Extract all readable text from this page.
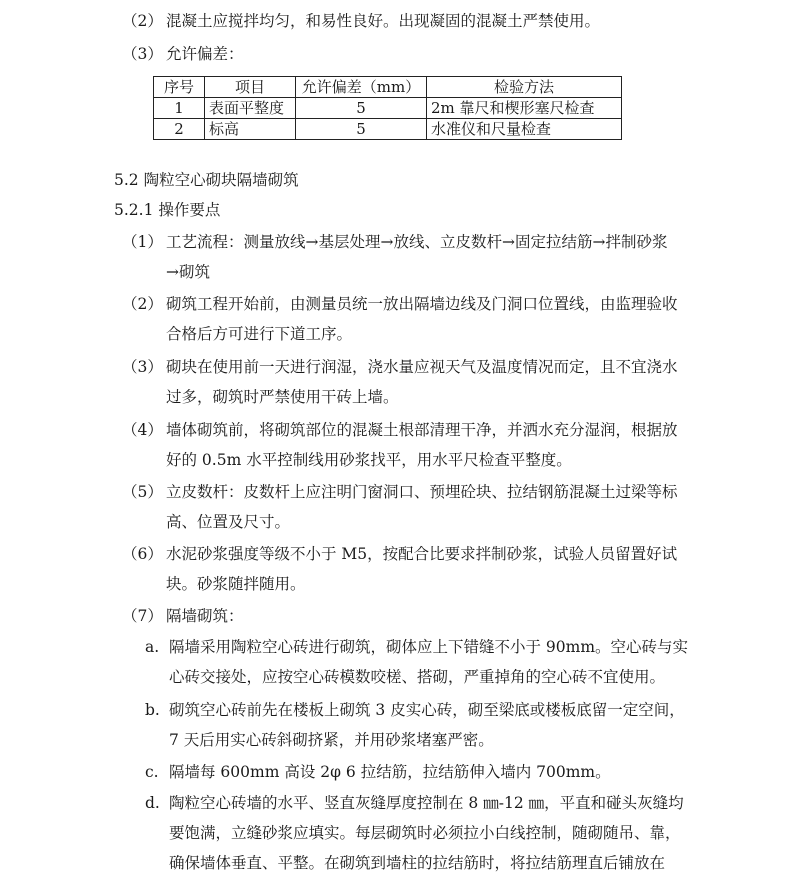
（2） 混凝土应搅拌均匀，和易性良好。出现凝固的混凝土严禁使用。
（3） 允许偏差：
序号	项目	允许偏差（mm）	检验方法
1	表面平整度	5	2m 靠尺和楔形塞尺检查
2	标高	5	水准仪和尺量检查
5.2 陶粒空心砌块隔墙砌筑
5.2.1 操作要点
（1） 工艺流程：测量放线→基层处理→放线、立皮数杆→固定拉结筋→拌制砂浆
→砌筑
（2） 砌筑工程开始前，由测量员统一放出隔墙边线及门洞口位置线，由监理验收
合格后方可进行下道工序。
（3） 砌块在使用前一天进行润湿，浇水量应视天气及温度情况而定，且不宜浇水
过多，砌筑时严禁使用干砖上墙。
（4） 墙体砌筑前，将砌筑部位的混凝土根部清理干净，并洒水充分湿润，根据放
好的 0.5m 水平控制线用砂浆找平，用水平尺检查平整度。
（5） 立皮数杆：皮数杆上应注明门窗洞口、预埋砼块、拉结钢筋混凝土过梁等标
高、位置及尺寸。
（6） 水泥砂浆强度等级不小于 M5，按配合比要求拌制砂浆，试验人员留置好试
块。砂浆随拌随用。
（7） 隔墙砌筑：
a. 隔墙采用陶粒空心砖进行砌筑，砌体应上下错缝不小于 90mm。空心砖与实
心砖交接处，应按空心砖模数咬槎、搭砌，严重掉角的空心砖不宜使用。
b. 砌筑空心砖前先在楼板上砌筑 3 皮实心砖，砌至梁底或楼板底留一定空间，
7 天后用实心砖斜砌挤紧，并用砂浆堵塞严密。
c. 隔墙每 600mm 高设 2φ 6 拉结筋，拉结筋伸入墙内 700mm。
d. 陶粒空心砖墙的水平、竖直灰缝厚度控制在 8 ㎜-12 ㎜，平直和碰头灰缝均
要饱满，立缝砂浆应填实。每层砌筑时必须拉小白线控制，随砌随吊、靠，
确保墙体垂直、平整。在砌筑到墙柱的拉结筋时，将拉结筋理直后铺放在
